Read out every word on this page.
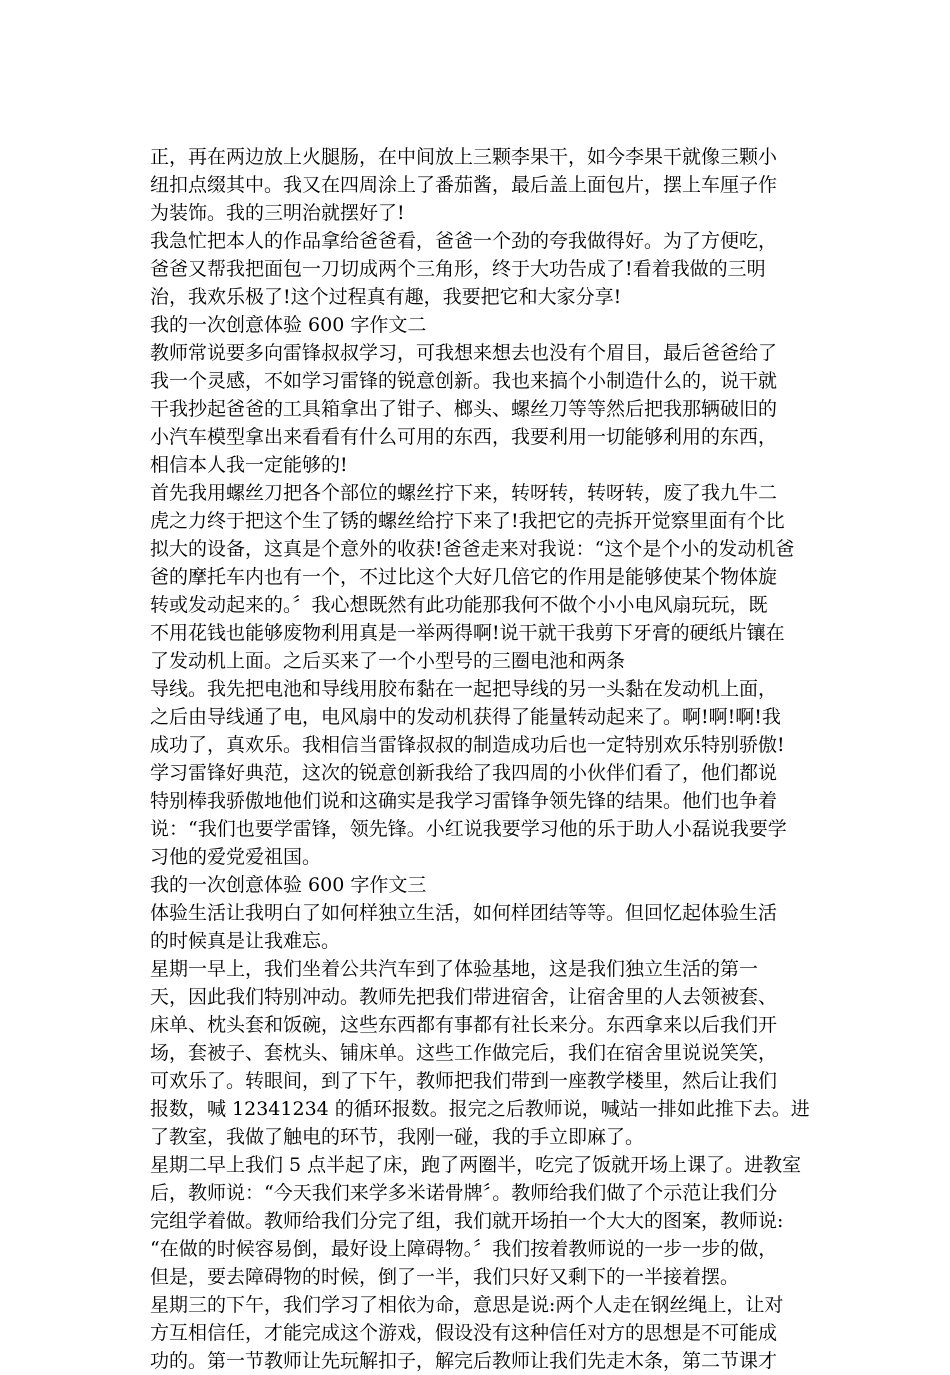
正，再在两边放上火腿肠，在中间放上三颗李果干，如今李果干就像三颗小
纽扣点缀其中。我又在四周涂上了番茄酱，最后盖上面包片，摆上车厘子作
为装饰。我的三明治就摆好了!
我急忙把本人的作品拿给爸爸看，爸爸一个劲的夸我做得好。为了方便吃，
爸爸又帮我把面包一刀切成两个三角形，终于大功告成了!看着我做的三明
治，我欢乐极了!这个过程真有趣，我要把它和大家分享!
我的一次创意体验 600 字作文二
教师常说要多向雷锋叔叔学习，可我想来想去也没有个眉目，最后爸爸给了
我一个灵感，不如学习雷锋的锐意创新。我也来搞个小制造什么的，说干就
干我抄起爸爸的工具箱拿出了钳子、榔头、螺丝刀等等然后把我那辆破旧的
小汽车模型拿出来看看有什么可用的东西，我要利用一切能够利用的东西，
相信本人我一定能够的!
首先我用螺丝刀把各个部位的螺丝拧下来，转呀转，转呀转，废了我九牛二
虎之力终于把这个生了锈的螺丝给拧下来了!我把它的壳拆开觉察里面有个比
拟大的设备，这真是个意外的收获!爸爸走来对我说：“这个是个小的发动机爸
爸的摩托车内也有一个，不过比这个大好几倍它的作用是能够使某个物体旋
转或发动起来的。〞我心想既然有此功能那我何不做个小小电风扇玩玩，既
不用花钱也能够废物利用真是一举两得啊!说干就干我剪下牙膏的硬纸片镶在
了发动机上面。之后买来了一个小型号的三圈电池和两条
导线。我先把电池和导线用胶布黏在一起把导线的另一头黏在发动机上面，
之后由导线通了电，电风扇中的发动机获得了能量转动起来了。啊!啊!啊!我
成功了，真欢乐。我相信当雷锋叔叔的制造成功后也一定特别欢乐特别骄傲!
学习雷锋好典范，这次的锐意创新我给了我四周的小伙伴们看了，他们都说
特别棒我骄傲地他们说和这确实是我学习雷锋争领先锋的结果。他们也争着
说：“我们也要学雷锋，领先锋。小红说我要学习他的乐于助人小磊说我要学
习他的爱党爱祖国。
我的一次创意体验 600 字作文三
体验生活让我明白了如何样独立生活，如何样团结等等。但回忆起体验生活
的时候真是让我难忘。
星期一早上，我们坐着公共汽车到了体验基地，这是我们独立生活的第一
天，因此我们特别冲动。教师先把我们带进宿舍，让宿舍里的人去领被套、
床单、枕头套和饭碗，这些东西都有事都有社长来分。东西拿来以后我们开
场，套被子、套枕头、铺床单。这些工作做完后，我们在宿舍里说说笑笑，
可欢乐了。转眼间，到了下午，教师把我们带到一座教学楼里，然后让我们
报数，喊 12341234 的循环报数。报完之后教师说，喊站一排如此推下去。进
了教室，我做了触电的环节，我刚一碰，我的手立即麻了。
星期二早上我们 5 点半起了床，跑了两圈半，吃完了饭就开场上课了。进教室
后，教师说：“今天我们来学多米诺骨牌〞。教师给我们做了个示范让我们分
完组学着做。教师给我们分完了组，我们就开场拍一个大大的图案，教师说:
“在做的时候容易倒，最好设上障碍物。〞我们按着教师说的一步一步的做，
但是，要去障碍物的时候，倒了一半，我们只好又剩下的一半接着摆。
星期三的下午，我们学习了相依为命，意思是说:两个人走在钢丝绳上，让对
方互相信任，才能完成这个游戏，假设没有这种信任对方的思想是不可能成
功的。第一节教师让先玩解扣子，解完后教师让我们先走木条，第二节课才
